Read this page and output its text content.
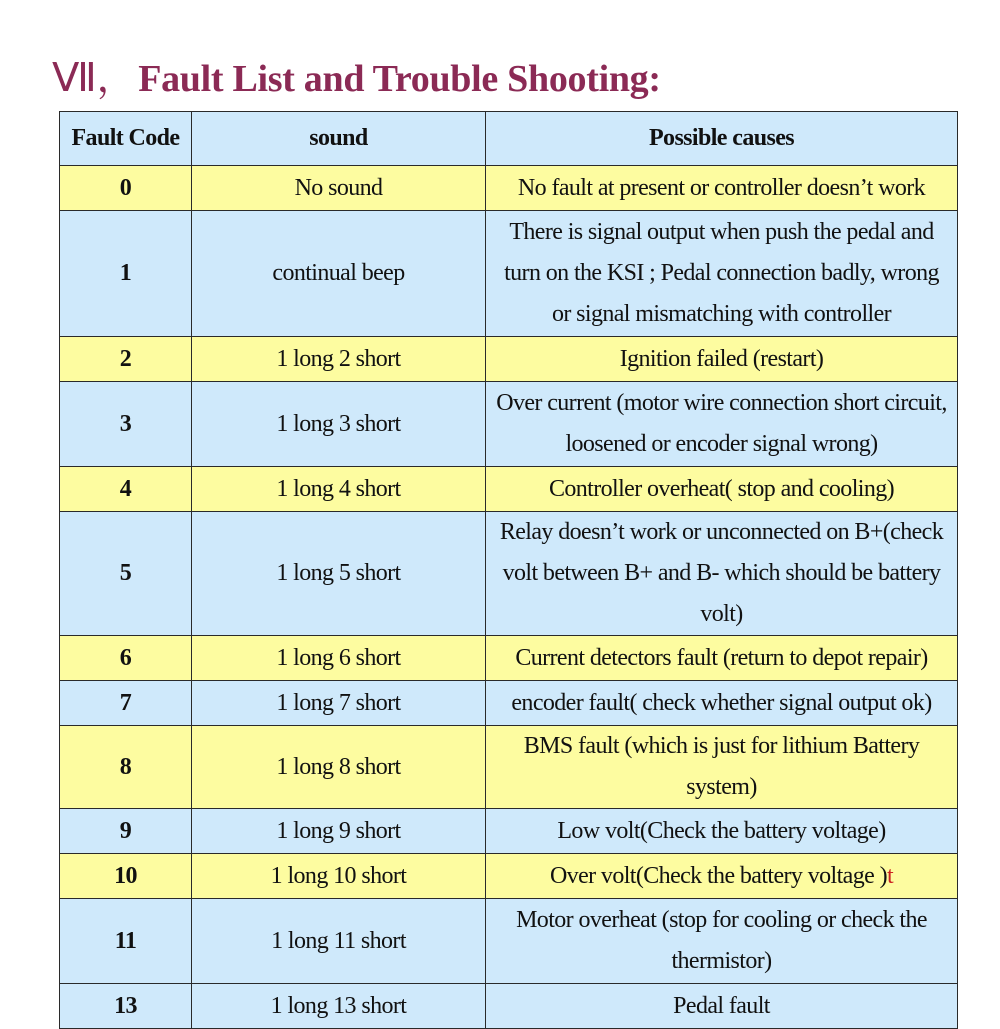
Ⅶ，Fault List and Trouble Shooting:
Fault Code	sound	Possible causes
0	No sound	No fault at present or controller doesn’t work
1	continual beep	There is signal output when push the pedal and turn on the KSI ; Pedal connection badly, wrong or signal mismatching with controller
2	1 long 2 short	Ignition failed (restart)
3	1 long 3 short	Over current (motor wire connection short circuit, loosened or encoder signal wrong)
4	1 long 4 short	Controller overheat( stop and cooling)
5	1 long 5 short	Relay doesn’t work or unconnected on B+(check volt between B+ and B- which should be battery volt)
6	1 long 6 short	Current detectors fault (return to depot repair)
7	1 long 7 short	encoder fault( check whether signal output ok)
8	1 long 8 short	BMS fault (which is just for lithium Battery system)
9	1 long 9 short	Low volt(Check the battery voltage)
10	1 long 10 short	Over volt(Check the battery voltage )t
11	1 long 11 short	Motor overheat (stop for cooling or check the thermistor)
13	1 long 13 short	Pedal fault
